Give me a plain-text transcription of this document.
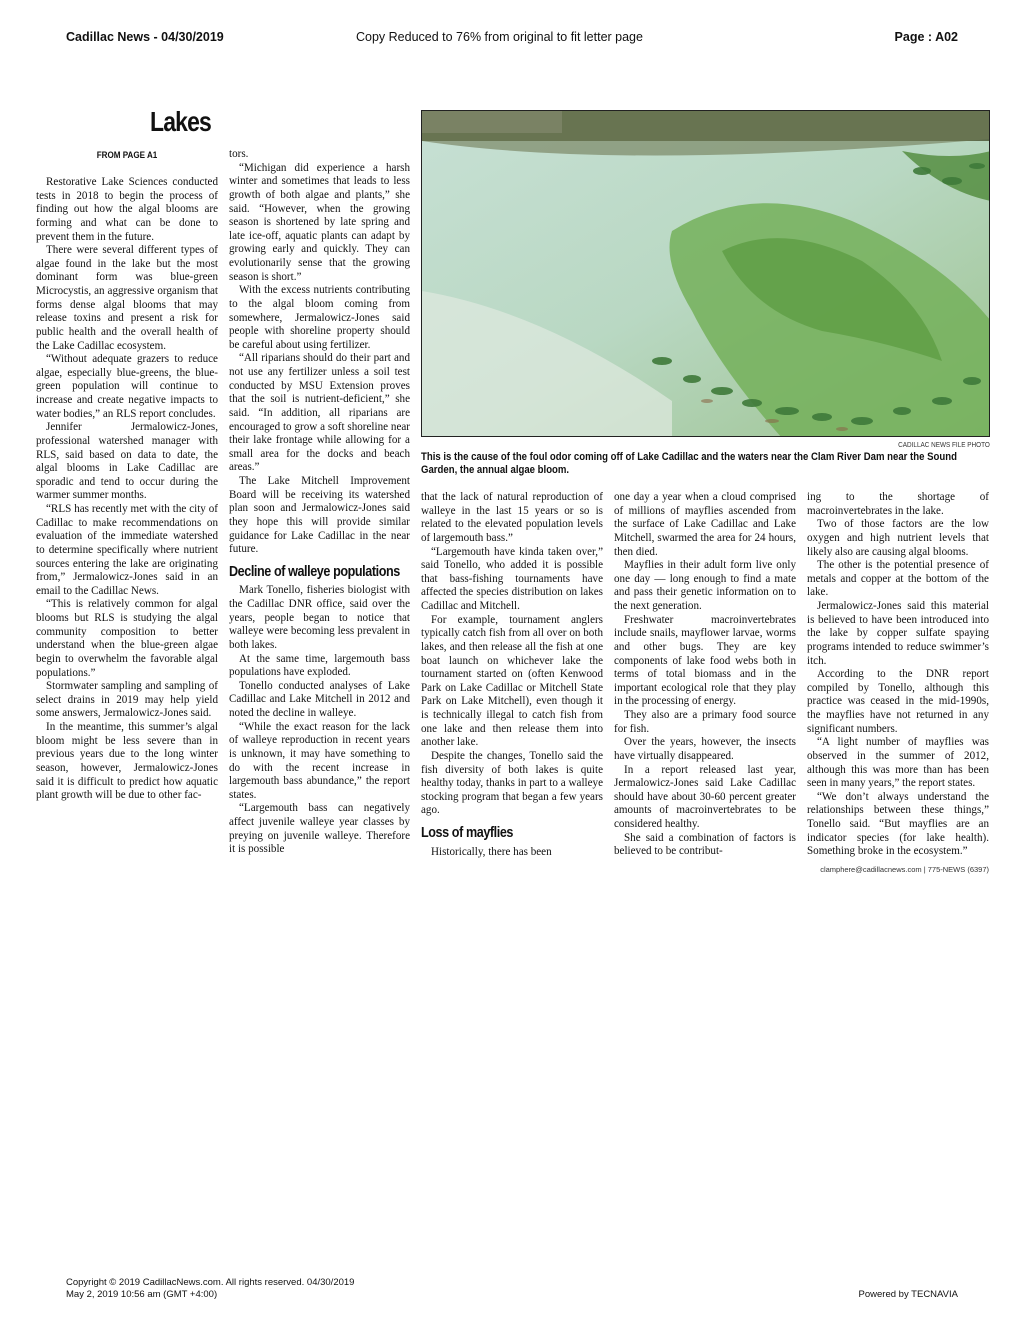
Cadillac News - 04/30/2019	Copy Reduced to 76% from original to fit letter page	Page : A02
Lakes
FROM PAGE A1
CADILLAC NEWS FILE PHOTO
This is the cause of the foul odor coming off of Lake Cadillac and the waters near the Clam River Dam near the Sound Garden, the annual algae bloom.

Restorative Lake Sciences conducted tests in 2018 to begin the process of finding out how the algal blooms are forming and what can be done to prevent them in the future.

There were several different types of algae found in the lake but the most dominant form was blue-green Microcystis, an aggressive organism that forms dense algal blooms that may release toxins and present a risk for public health and the overall health of the Lake Cadillac ecosystem.

“Without adequate grazers to reduce algae, especially blue-greens, the blue-green population will continue to increase and create negative impacts to water bodies,” an RLS report concludes.

Jennifer Jermalowicz-Jones, professional watershed manager with RLS, said based on data to date, the algal blooms in Lake Cadillac are sporadic and tend to occur during the warmer summer months.

“RLS has recently met with the city of Cadillac to make recommendations on evaluation of the immediate watershed to determine specifically where nutrient sources entering the lake are originating from,” Jermalowicz-Jones said in an email to the Cadillac News.

“This is relatively common for algal blooms but RLS is studying the algal community composition to better understand when the blue-green algae begin to overwhelm the favorable algal populations.”

Stormwater sampling and sampling of select drains in 2019 may help yield some answers, Jermalowicz-Jones said.

In the meantime, this summer’s algal bloom might be less severe than in previous years due to the long winter season, however, Jermalowicz-Jones said it is difficult to predict how aquatic plant growth will be due to other fac-

tors.

“Michigan did experience a harsh winter and sometimes that leads to less growth of both algae and plants,” she said. “However, when the growing season is shortened by late spring and late ice-off, aquatic plants can adapt by growing early and quickly. They can evolutionarily sense that the growing season is short.”

With the excess nutrients contributing to the algal bloom coming from somewhere, Jermalowicz-Jones said people with shoreline property should be careful about using fertilizer.

“All riparians should do their part and not use any fertilizer unless a soil test conducted by MSU Extension proves that the soil is nutrient-deficient,” she said. “In addition, all riparians are encouraged to grow a soft shoreline near their lake frontage while allowing for a small area for the docks and beach areas.”

The Lake Mitchell Improvement Board will be receiving its watershed plan soon and Jermalowicz-Jones said they hope this will provide similar guidance for Lake Cadillac in the near future.

Decline of walleye populations

Mark Tonello, fisheries biologist with the Cadillac DNR office, said over the years, people began to notice that walleye were becoming less prevalent in both lakes.

At the same time, largemouth bass populations have exploded.

Tonello conducted analyses of Lake Cadillac and Lake Mitchell in 2012 and noted the decline in walleye.

“While the exact reason for the lack of walleye reproduction in recent years is unknown, it may have something to do with the recent increase in largemouth bass abundance,” the report states.

“Largemouth bass can negatively affect juvenile walleye year classes by preying on juvenile walleye. Therefore it is possible

that the lack of natural reproduction of walleye in the last 15 years or so is related to the elevated population levels of largemouth bass.”

“Largemouth have kinda taken over,” said Tonello, who added it is possible that bass-fishing tournaments have affected the species distribution on lakes Cadillac and Mitchell.

For example, tournament anglers typically catch fish from all over on both lakes, and then release all the fish at one boat launch on whichever lake the tournament started on (often Kenwood Park on Lake Cadillac or Mitchell State Park on Lake Mitchell), even though it is technically illegal to catch fish from one lake and then release them into another lake.

Despite the changes, Tonello said the fish diversity of both lakes is quite healthy today, thanks in part to a walleye stocking program that began a few years ago.

Loss of mayflies

Historically, there has been

one day a year when a cloud comprised of millions of mayflies ascended from the surface of Lake Cadillac and Lake Mitchell, swarmed the area for 24 hours, then died.

Mayflies in their adult form live only one day — long enough to find a mate and pass their genetic information on to the next generation.

Freshwater macroinvertebrates include snails, mayflower larvae, worms and other bugs. They are key components of lake food webs both in terms of total biomass and in the important ecological role that they play in the processing of energy.

They also are a primary food source for fish.

Over the years, however, the insects have virtually disappeared.

In a report released last year, Jermalowicz-Jones said Lake Cadillac should have about 30-60 percent greater amounts of macroinvertebrates to be considered healthy.

She said a combination of factors is believed to be contribut-

ing to the shortage of macroinvertebrates in the lake.

Two of those factors are the low oxygen and high nutrient levels that likely also are causing algal blooms.

The other is the potential presence of metals and copper at the bottom of the lake.

Jermalowicz-Jones said this material is believed to have been introduced into the lake by copper sulfate spaying programs intended to reduce swimmer’s itch.

According to the DNR report compiled by Tonello, although this practice was ceased in the mid-1990s, the mayflies have not returned in any significant numbers.

“A light number of mayflies was observed in the summer of 2012, although this was more than has been seen in many years,” the report states.

“We don’t always understand the relationships between these things,” Tonello said. “But mayflies are an indicator species (for lake health). Something broke in the ecosystem.”

clamphere@cadillacnews.com | 775-NEWS (6397)
Copyright © 2019 CadillacNews.com. All rights reserved. 04/30/2019
May 2, 2019 10:56 am (GMT +4:00)	Powered by TECNAVIA
